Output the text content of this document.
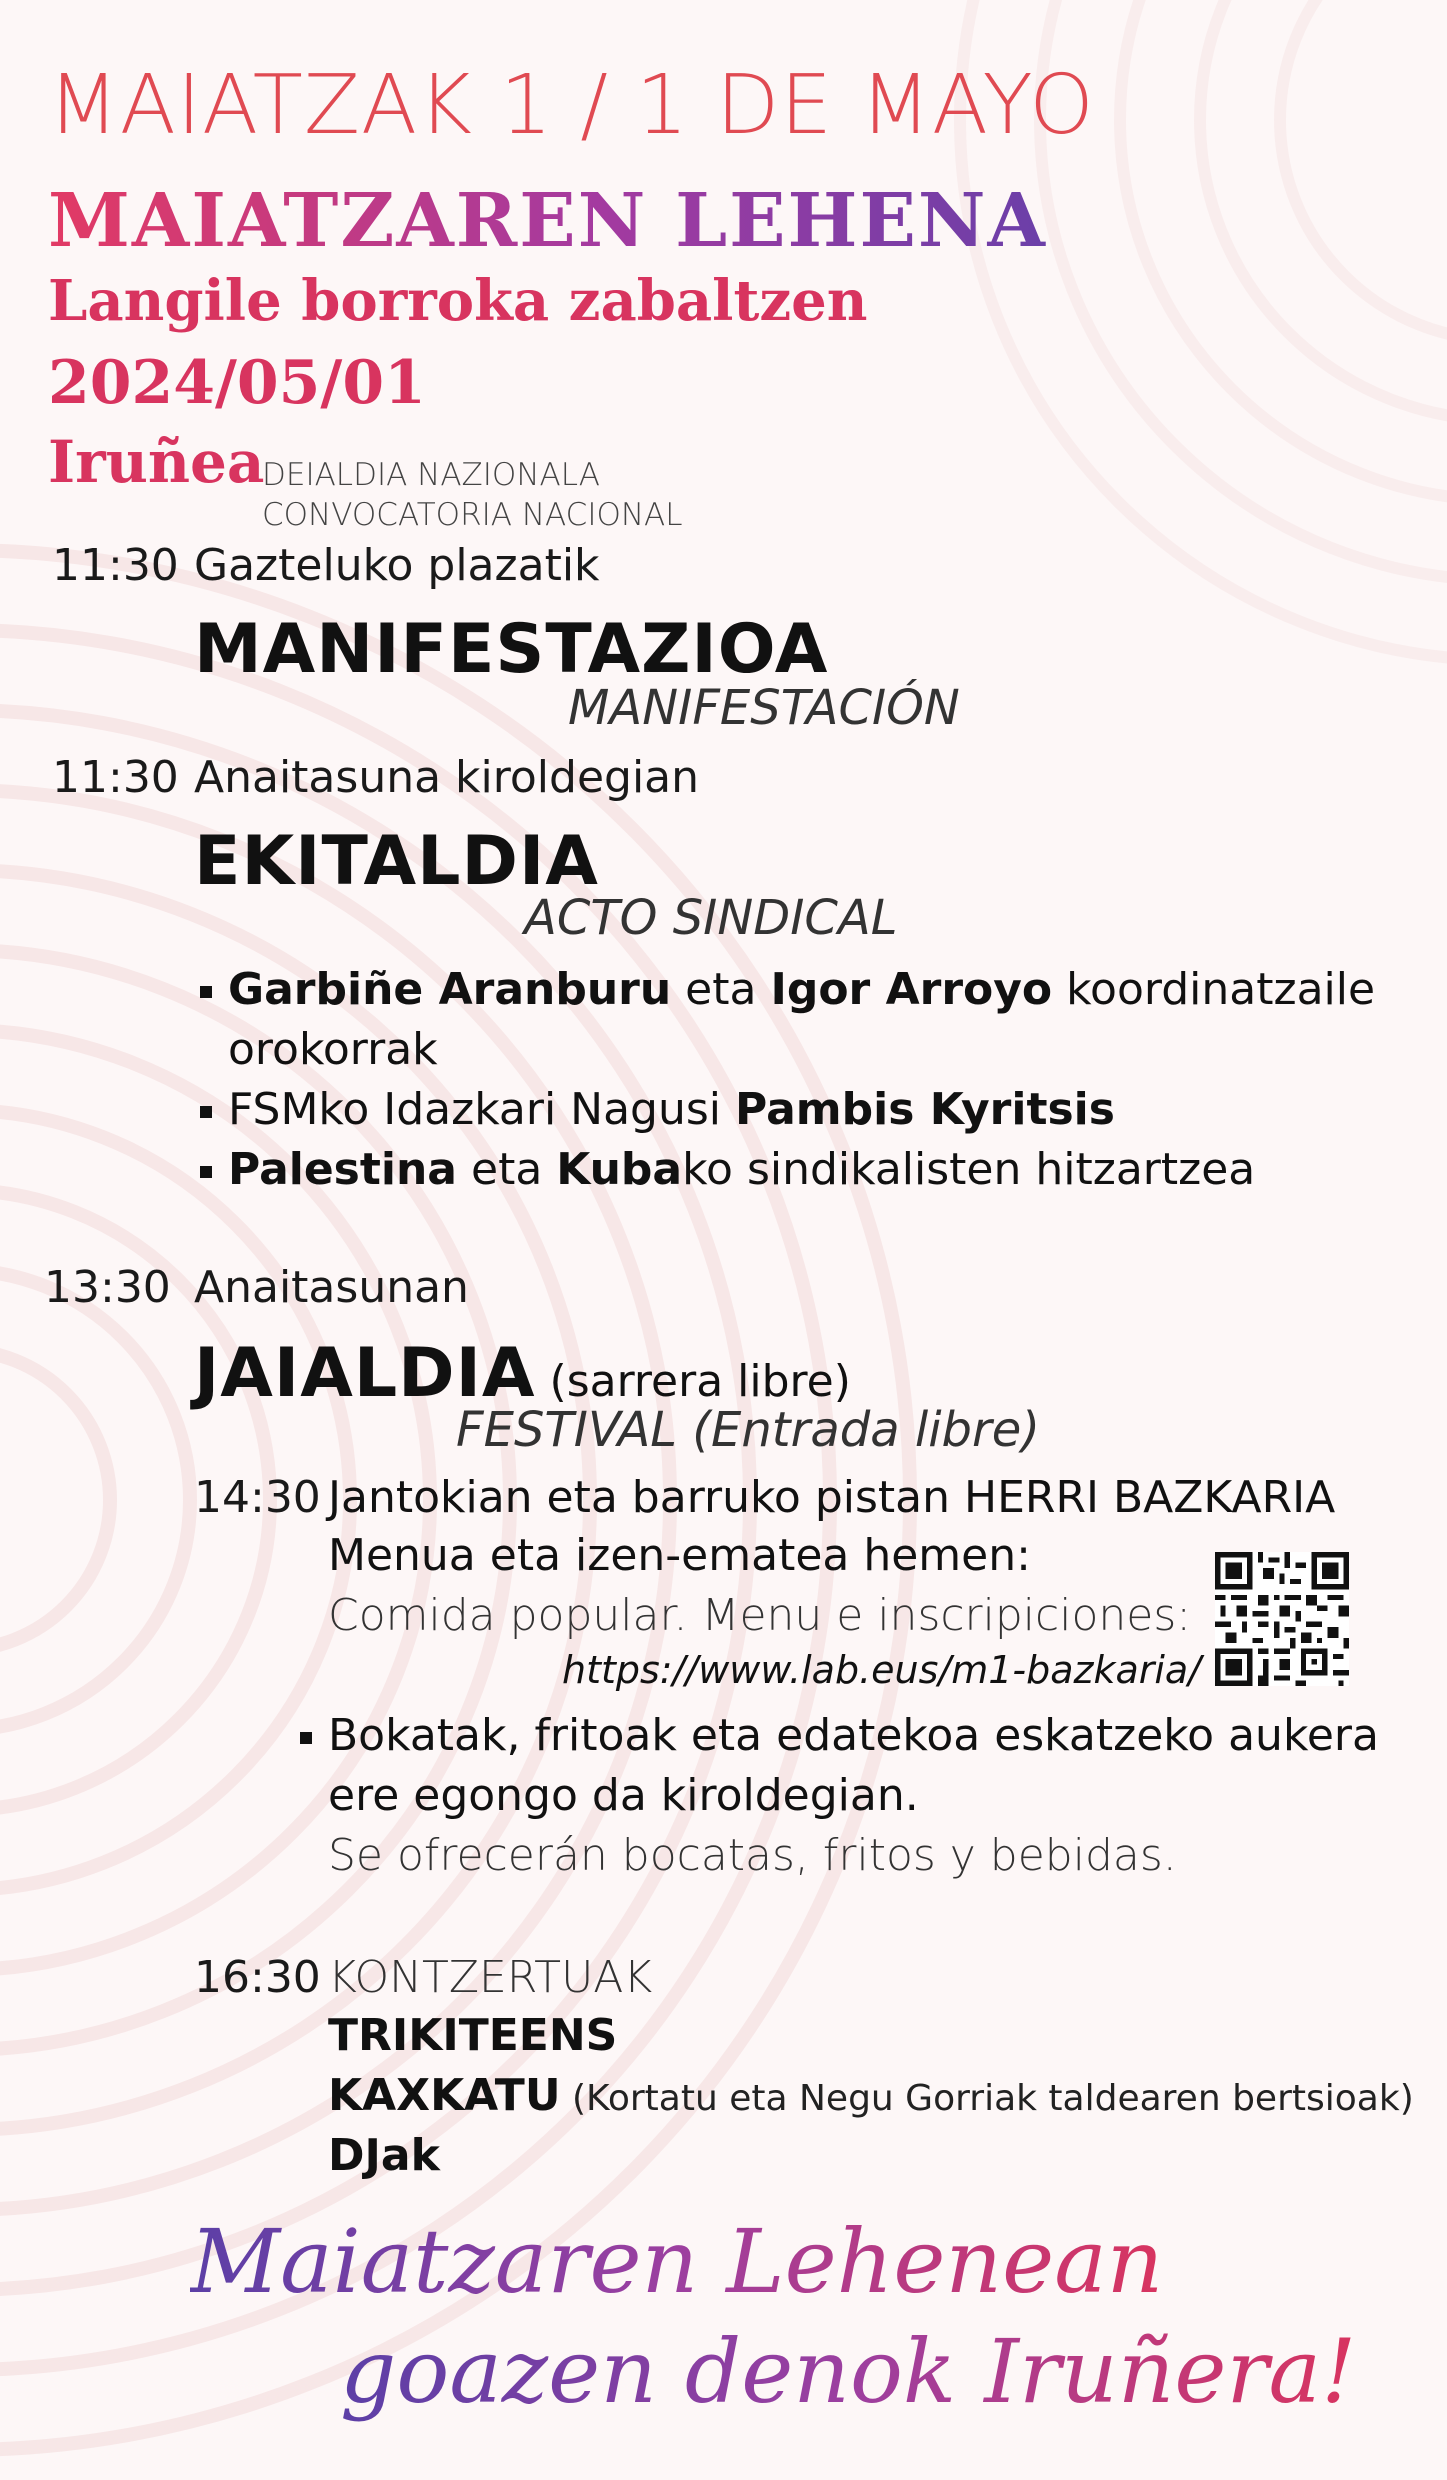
MAIATZAK 1 / 1 DE MAYO
MAIATZAREN LEHENA
Langile borroka zabaltzen
2024/05/01
Iruñea
DEIALDIA NAZIONALA
CONVOCATORIA NACIONAL
11:30 Gazteluko plazatik
MANIFESTAZIOA
MANIFESTACIÓN
11:30 Anaitasuna kiroldegian
EKITALDIA
ACTO SINDICAL
Garbiñe Aranburu eta Igor Arroyo koordinatzaile
orokorrak
FSMko Idazkari Nagusi Pambis Kyritsis
Palestina eta Kubako sindikalisten hitzartzea
13:30 Anaitasunan
JAIALDIA (sarrera libre)
FESTIVAL (Entrada libre)
14:30 Jantokian eta barruko pistan HERRI BAZKARIA
Menua eta izen-ematea hemen:
Comida popular. Menu e inscripiciones:
https://www.lab.eus/m1-bazkaria/
Bokatak, fritoak eta edatekoa eskatzeko aukera
ere egongo da kiroldegian.
Se ofrecerán bocatas, fritos y bebidas.
16:30 KONTZERTUAK
TRIKITEENS
KAXKATU (Kortatu eta Negu Gorriak taldearen bertsioak)
DJak
Maiatzaren Lehenean
goazen denok Iruñera!
